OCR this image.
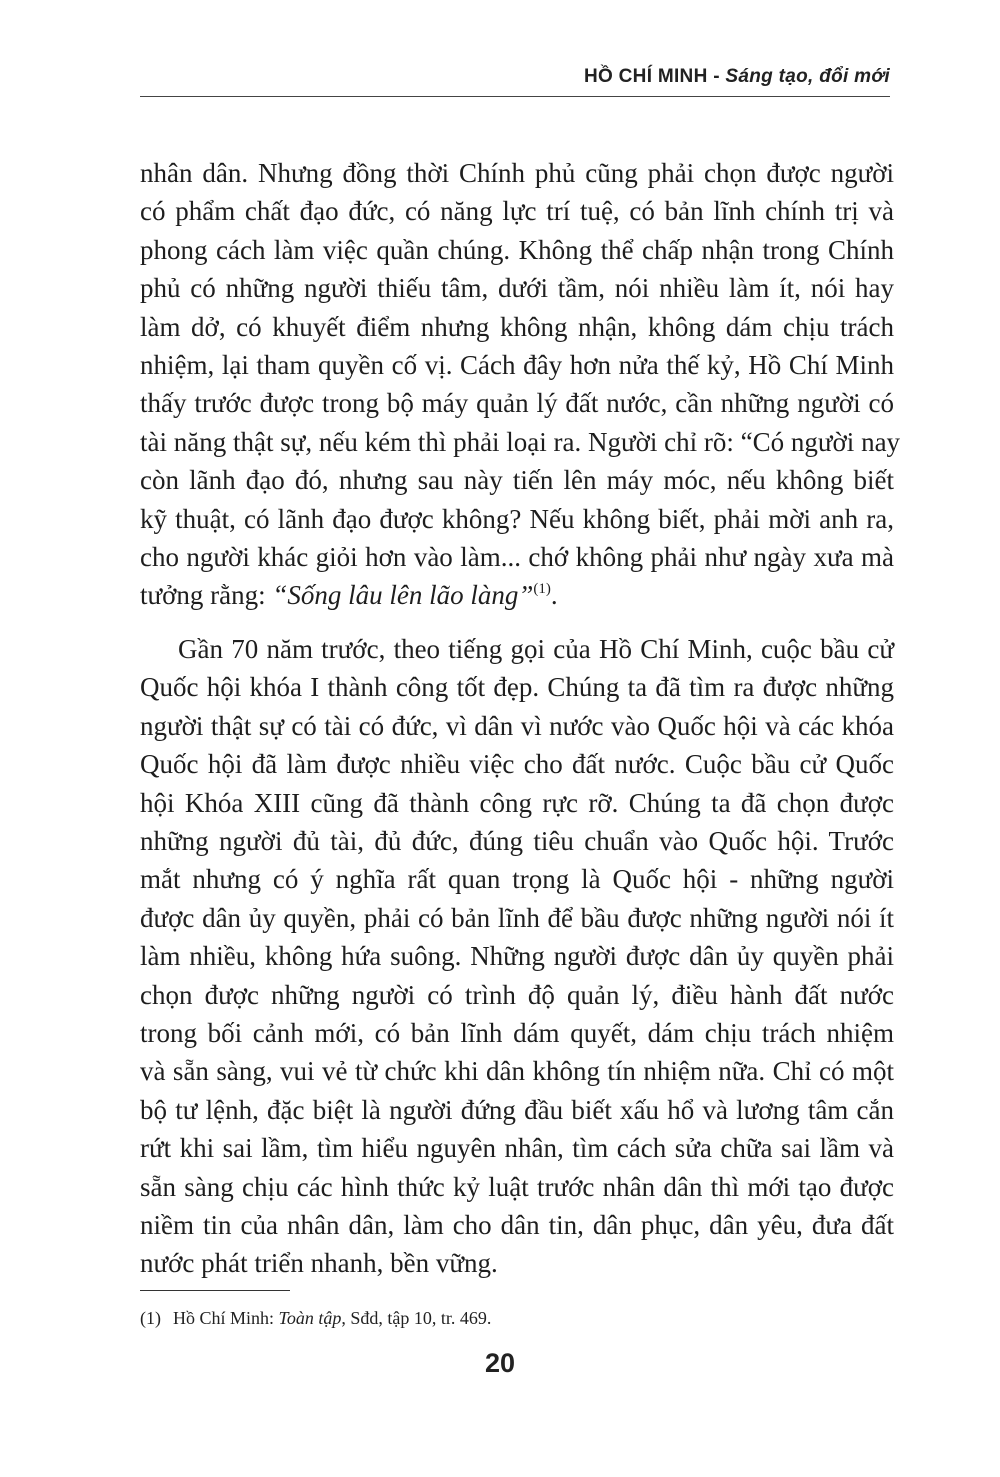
HỒ CHÍ MINH - Sáng tạo, đổi mới
nhân dân. Nhưng đồng thời Chính phủ cũng phải chọn được người
có phẩm chất đạo đức, có năng lực trí tuệ, có bản lĩnh chính trị và
phong cách làm việc quần chúng. Không thể chấp nhận trong Chính
phủ có những người thiếu tâm, dưới tầm, nói nhiều làm ít, nói hay
làm dở, có khuyết điểm nhưng không nhận, không dám chịu trách
nhiệm, lại tham quyền cố vị. Cách đây hơn nửa thế kỷ, Hồ Chí Minh
thấy trước được trong bộ máy quản lý đất nước, cần những người có
tài năng thật sự, nếu kém thì phải loại ra. Người chỉ rõ: “Có người nay
còn lãnh đạo đó, nhưng sau này tiến lên máy móc, nếu không biết
kỹ thuật, có lãnh đạo được không? Nếu không biết, phải mời anh ra,
cho người khác giỏi hơn vào làm... chớ không phải như ngày xưa mà
tưởng rằng: “Sống lâu lên lão làng”$^{(1)}$.
Gần 70 năm trước, theo tiếng gọi của Hồ Chí Minh, cuộc bầu cử
Quốc hội khóa I thành công tốt đẹp. Chúng ta đã tìm ra được những
người thật sự có tài có đức, vì dân vì nước vào Quốc hội và các khóa
Quốc hội đã làm được nhiều việc cho đất nước. Cuộc bầu cử Quốc
hội Khóa XIII cũng đã thành công rực rỡ. Chúng ta đã chọn được
những người đủ tài, đủ đức, đúng tiêu chuẩn vào Quốc hội. Trước
mắt nhưng có ý nghĩa rất quan trọng là Quốc hội - những người
được dân ủy quyền, phải có bản lĩnh để bầu được những người nói ít
làm nhiều, không hứa suông. Những người được dân ủy quyền phải
chọn được những người có trình độ quản lý, điều hành đất nước
trong bối cảnh mới, có bản lĩnh dám quyết, dám chịu trách nhiệm
và sẵn sàng, vui vẻ từ chức khi dân không tín nhiệm nữa. Chỉ có một
bộ tư lệnh, đặc biệt là người đứng đầu biết xấu hổ và lương tâm cắn
rứt khi sai lầm, tìm hiểu nguyên nhân, tìm cách sửa chữa sai lầm và
sẵn sàng chịu các hình thức kỷ luật trước nhân dân thì mới tạo được
niềm tin của nhân dân, làm cho dân tin, dân phục, dân yêu, đưa đất
nước phát triển nhanh, bền vững.
(1) Hồ Chí Minh: Toàn tập, Sđd, tập 10, tr. 469.
20
